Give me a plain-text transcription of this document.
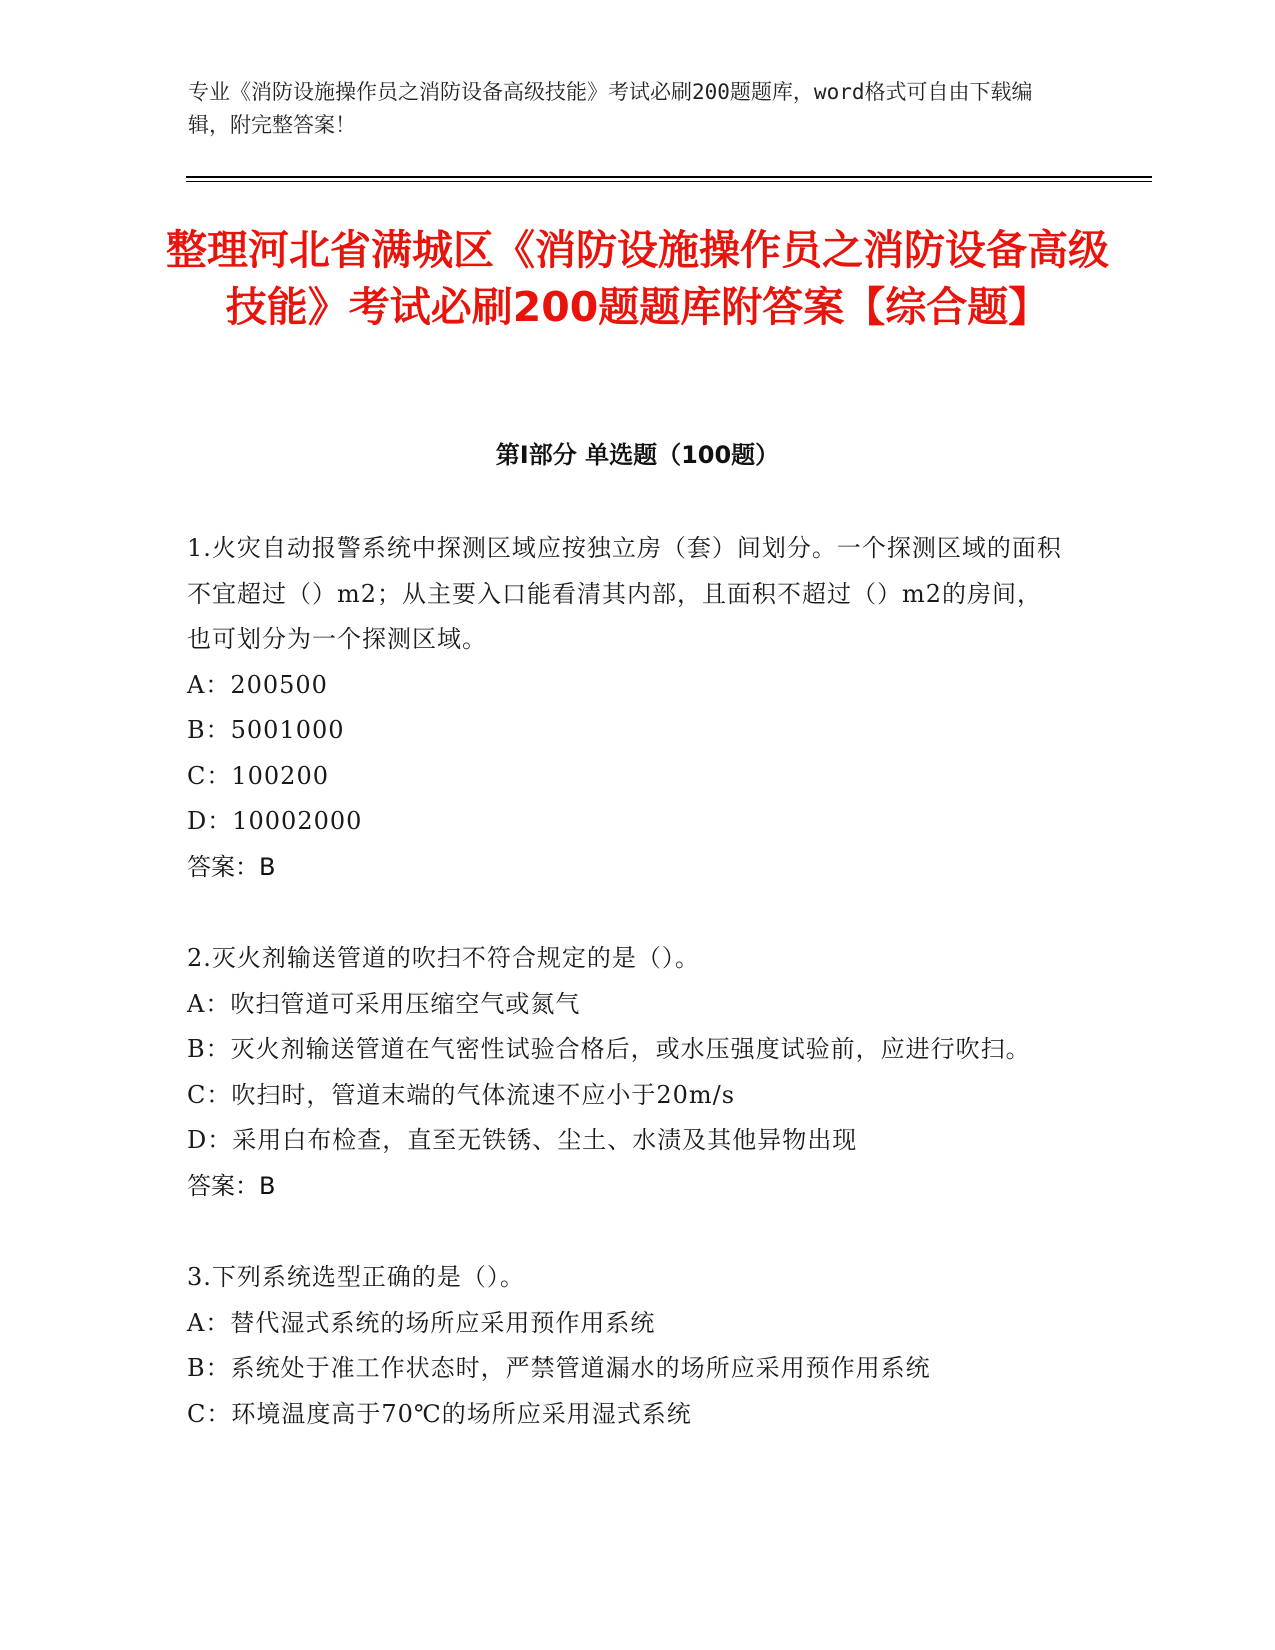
专业《消防设施操作员之消防设备高级技能》考试必刷200题题库，word格式可自由下载编辑，附完整答案！
整理河北省满城区《消防设施操作员之消防设备高级技能》考试必刷200题题库附答案【综合题】
第I部分 单选题（100题）

1.火灾自动报警系统中探测区域应按独立房（套）间划分。一个探测区域的面积不宜超过（）m2；从主要入口能看清其内部，且面积不超过（）m2的房间，也可划分为一个探测区域。

A：200500

B：5001000

C：100200

D：10002000

答案：B

2.灭火剂输送管道的吹扫不符合规定的是（）。

A：吹扫管道可采用压缩空气或氮气

B：灭火剂输送管道在气密性试验合格后，或水压强度试验前，应进行吹扫。

C：吹扫时，管道末端的气体流速不应小于20m/s

D：采用白布检查，直至无铁锈、尘土、水渍及其他异物出现

答案：B

3.下列系统选型正确的是（）。

A：替代湿式系统的场所应采用预作用系统

B：系统处于准工作状态时，严禁管道漏水的场所应采用预作用系统

C：环境温度高于70℃的场所应采用湿式系统
